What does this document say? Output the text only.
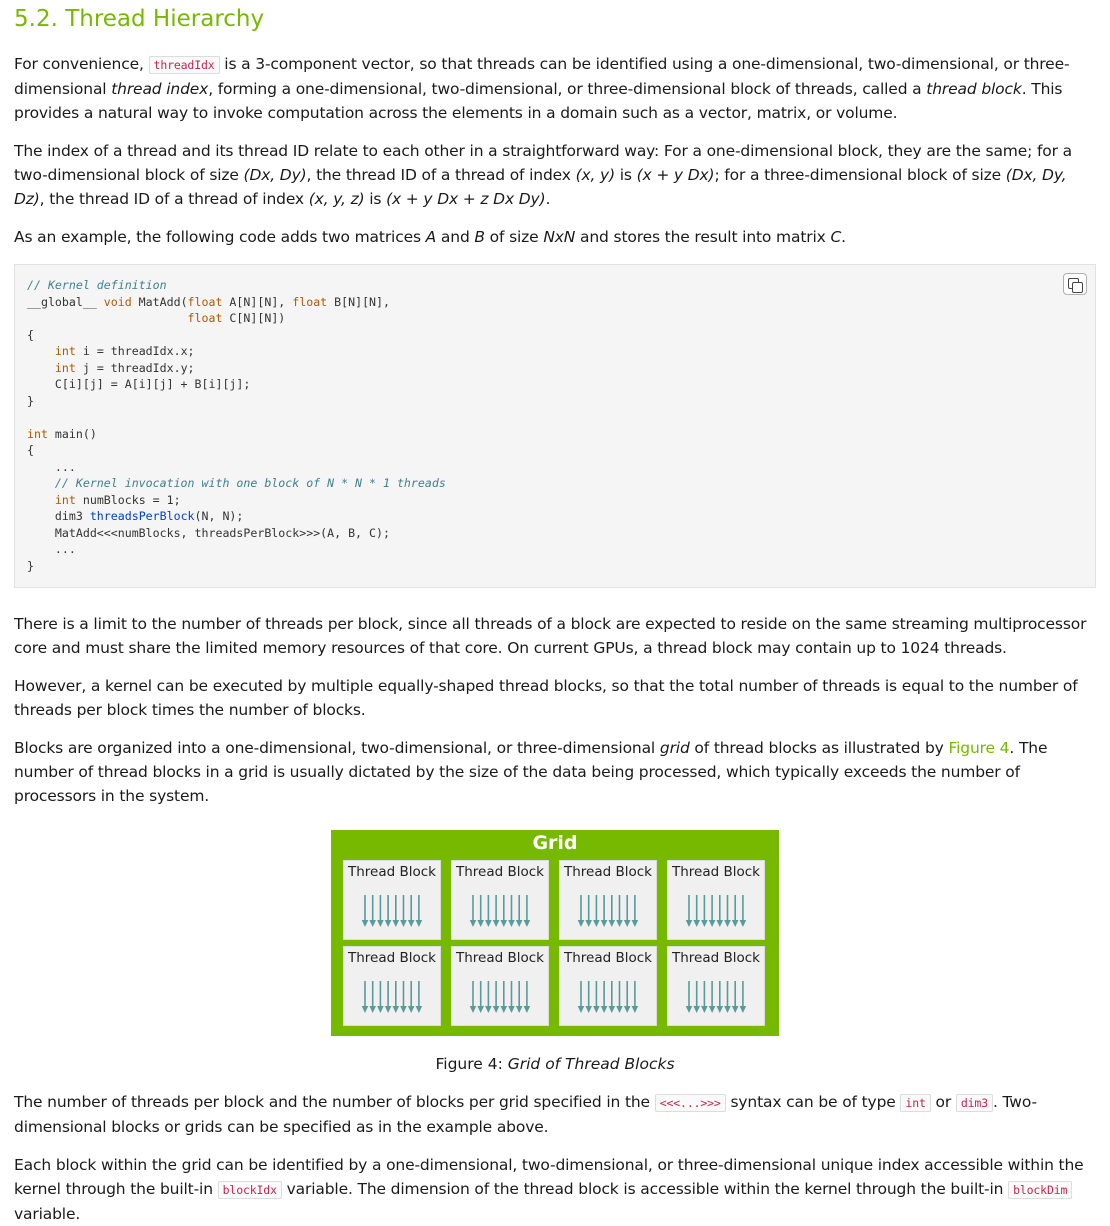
5.2. Thread Hierarchy

For convenience, threadIdx is a 3-component vector, so that threads can be identified using a one-dimensional, two-dimensional, or three-dimensional thread index, forming a one-dimensional, two-dimensional, or three-dimensional block of threads, called a thread block. This provides a natural way to invoke computation across the elements in a domain such as a vector, matrix, or volume.

The index of a thread and its thread ID relate to each other in a straightforward way: For a one-dimensional block, they are the same; for a two-dimensional block of size (Dx, Dy), the thread ID of a thread of index (x, y) is (x + y Dx); for a three-dimensional block of size (Dx, Dy, Dz), the thread ID of a thread of index (x, y, z) is (x + y Dx + z Dx Dy).

As an example, the following code adds two matrices A and B of size NxN and stores the result into matrix C.

// Kernel definition
__global__ void MatAdd(float A[N][N], float B[N][N],
float C[N][N])
{
int i = threadIdx.x;
int j = threadIdx.y;
C[i][j] = A[i][j] + B[i][j];
}

int main()
{
...
// Kernel invocation with one block of N * N * 1 threads
int numBlocks = 1;
dim3 threadsPerBlock(N, N);
MatAdd<<<numBlocks, threadsPerBlock>>>(A, B, C);
...
}

There is a limit to the number of threads per block, since all threads of a block are expected to reside on the same streaming multiprocessor core and must share the limited memory resources of that core. On current GPUs, a thread block may contain up to 1024 threads.

However, a kernel can be executed by multiple equally-shaped thread blocks, so that the total number of threads is equal to the number of threads per block times the number of blocks.

Blocks are organized into a one-dimensional, two-dimensional, or three-dimensional grid of thread blocks as illustrated by Figure 4. The number of thread blocks in a grid is usually dictated by the size of the data being processed, which typically exceeds the number of processors in the system.

Grid
Thread Block Thread Block Thread Block Thread Block
Thread Block Thread Block Thread Block Thread Block
Figure 4: Grid of Thread Blocks

The number of threads per block and the number of blocks per grid specified in the <<<...>>> syntax can be of type int or dim3 . Two-dimensional blocks or grids can be specified as in the example above.

Each block within the grid can be identified by a one-dimensional, two-dimensional, or three-dimensional unique index accessible within the kernel through the built-in blockIdx variable. The dimension of the thread block is accessible within the kernel through the built-in blockDim variable.
